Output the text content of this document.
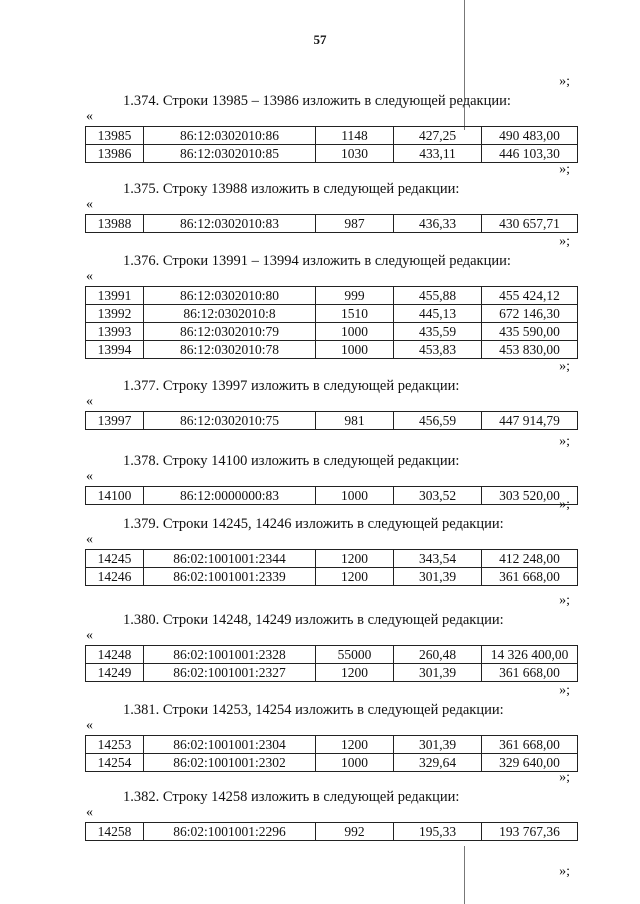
57
»;
1.374. Строки 13985 – 13986 изложить в следующей редакции:
«
13985	86:12:0302010:86	1148	427,25	490 483,00
13986	86:12:0302010:85	1030	433,11	446 103,30
»;
1.375. Строку 13988 изложить в следующей редакции:
«
13988	86:12:0302010:83	987	436,33	430 657,71
»;
1.376. Строки 13991 – 13994 изложить в следующей редакции:
«
13991	86:12:0302010:80	999	455,88	455 424,12
13992	86:12:0302010:8	1510	445,13	672 146,30
13993	86:12:0302010:79	1000	435,59	435 590,00
13994	86:12:0302010:78	1000	453,83	453 830,00
»;
1.377. Строку 13997 изложить в следующей редакции:
«
13997	86:12:0302010:75	981	456,59	447 914,79
»;
1.378. Строку 14100 изложить в следующей редакции:
«
14100	86:12:0000000:83	1000	303,52	303 520,00
»;
1.379. Строки 14245, 14246 изложить в следующей редакции:
«
14245	86:02:1001001:2344	1200	343,54	412 248,00
14246	86:02:1001001:2339	1200	301,39	361 668,00
»;
1.380. Строки 14248, 14249 изложить в следующей редакции:
«
14248	86:02:1001001:2328	55000	260,48	14 326 400,00
14249	86:02:1001001:2327	1200	301,39	361 668,00
»;
1.381. Строки 14253, 14254 изложить в следующей редакции:
«
14253	86:02:1001001:2304	1200	301,39	361 668,00
14254	86:02:1001001:2302	1000	329,64	329 640,00
»;
1.382. Строку 14258 изложить в следующей редакции:
«
14258	86:02:1001001:2296	992	195,33	193 767,36
»;
